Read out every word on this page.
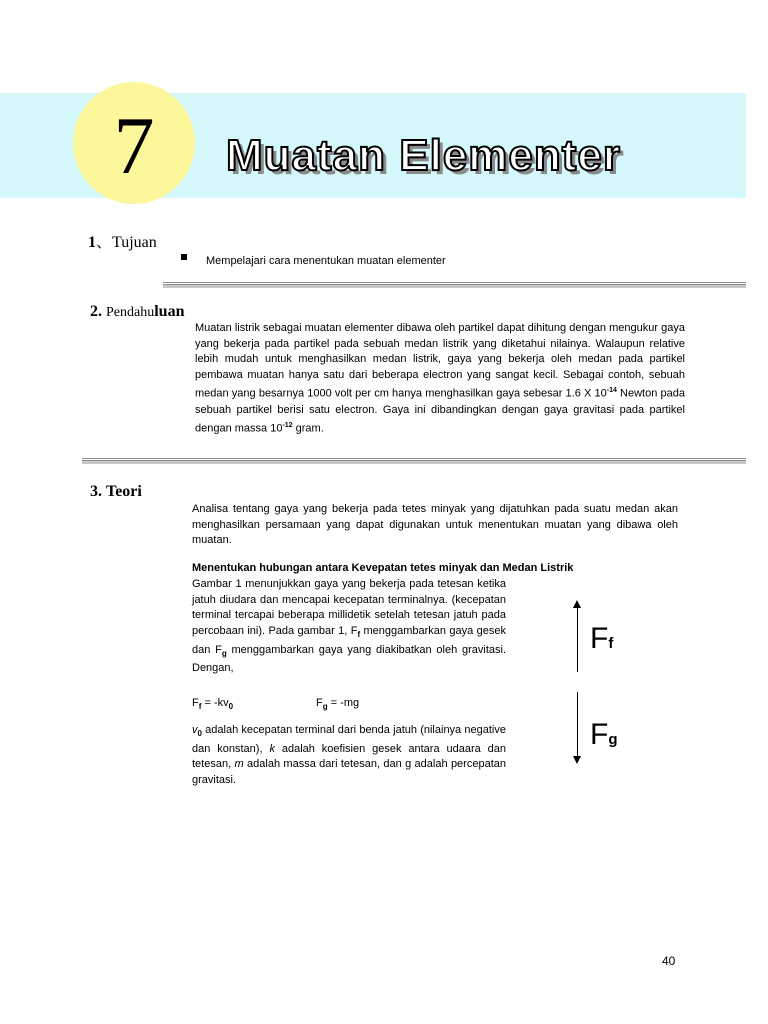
7	Muatan Elementer
1、Tujuan
Mempelajari cara menentukan muatan elementer
2. Pendahuluan
Muatan listrik sebagai muatan elementer dibawa oleh partikel dapat dihitung dengan mengukur gaya yang bekerja pada partikel pada sebuah medan listrik yang diketahui nilainya. Walaupun relative lebih mudah untuk menghasilkan medan listrik, gaya yang bekerja oleh medan pada partikel pembawa muatan hanya satu dari beberapa electron yang sangat kecil. Sebagai contoh, sebuah medan yang besarnya 1000 volt per cm hanya menghasilkan gaya sebesar 1.6 X $10^{-14}$ Newton pada sebuah partikel berisi satu electron. Gaya ini dibandingkan dengan gaya gravitasi pada partikel dengan massa $10^{-12}$ gram.
3. Teori
Analisa tentang gaya yang bekerja pada tetes minyak yang dijatuhkan pada suatu medan akan menghasilkan persamaan yang dapat digunakan untuk menentukan muatan yang dibawa oleh muatan.
Menentukan hubungan antara Kevepatan tetes minyak dan Medan Listrik
Gambar 1 menunjukkan gaya yang bekerja pada tetesan ketika jatuh diudara dan mencapai kecepatan terminalnya. (kecepatan terminal tercapai beberapa millidetik setelah tetesan jatuh pada percobaan ini). Pada gambar 1, $F_f$ menggambarkan gaya gesek dan $F_g$ menggambarkan gaya yang diakibatkan oleh gravitasi. Dengan,
$F_f = -kv_0$	$F_g = -mg$
$v_0$ adalah kecepatan terminal dari benda jatuh (nilainya negative dan konstan), k adalah koefisien gesek antara udaara dan tetesan, m adalah massa dari tetesan, dan g adalah percepatan gravitasi.
Ff
Fg
40
